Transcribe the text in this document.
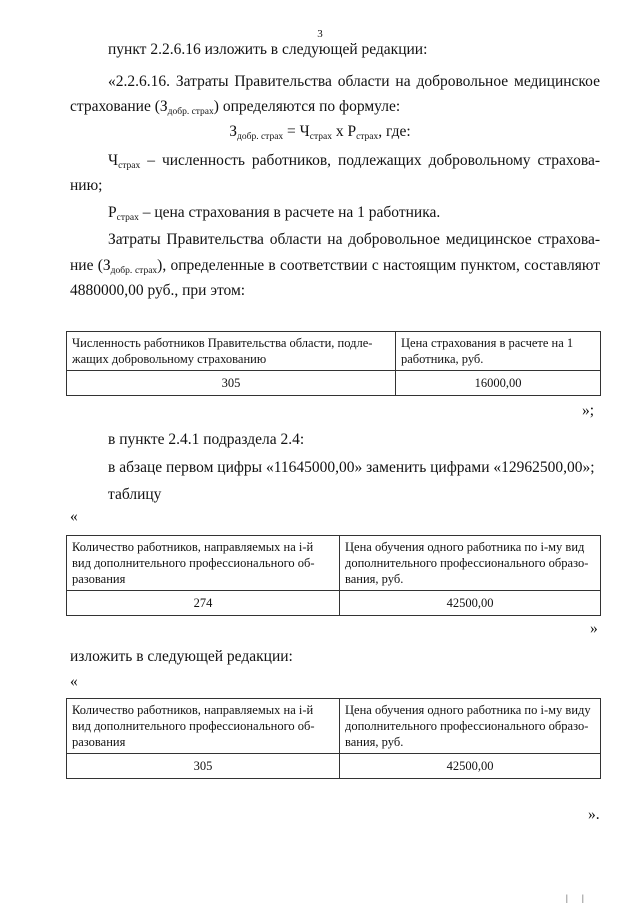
3
пункт 2.2.6.16 изложить в следующей редакции:
«2.2.6.16. Затраты Правительства области на добровольное медицинское
страхование $(З_{добр. страх})$ определяются по формуле:
$З_{добр. страх} = Ч_{страх}$ x $P_{страх}$, где:
$Ч_{страх}$ – численность работников, подлежащих добровольному страхова-
нию;
$P_{страх}$ – цена страхования в расчете на 1 работника.
Затраты Правительства области на добровольное медицинское страхова-
ние $(З_{добр. страх})$, определенные в соответствии с настоящим пунктом, составляют
4880000,00 руб., при этом:
Численность работников Правительства области, подле-жащих добровольному страхованию	Цена страхования в расчете на 1 работника, руб.
305	16000,00
»;
в пункте 2.4.1 подраздела 2.4:
в абзаце первом цифры «11645000,00» заменить цифрами «12962500,00»;
таблицу
«
Количество работников, направляемых на i-й вид дополнительного профессионального об-разования	Цена обучения одного работника по i-му вид дополнительного профессионального образо-вания, руб.
274	42500,00
»
изложить в следующей редакции:
«
Количество работников, направляемых на i-й вид дополнительного профессионального об-разования	Цена обучения одного работника по i-му виду дополнительного профессионального образо-вания, руб.
305	42500,00
».
| |
